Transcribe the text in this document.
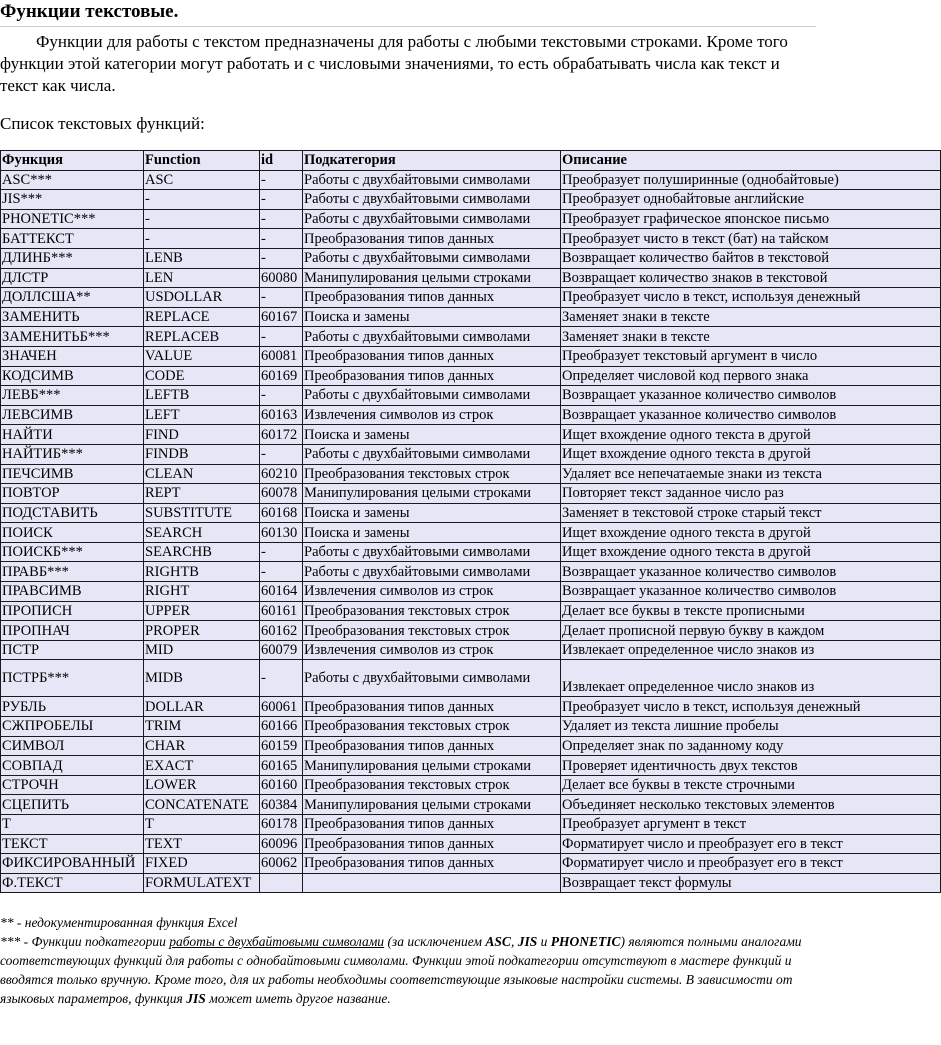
Функции текстовые.
Функции для работы с текстом предназначены для работы с любыми текстовыми строками. Кроме того функции этой категории могут работать и с числовыми значениями, то есть обрабатывать числа как текст и текст как числа.
Список текстовых функций:
Функция	Function	id	Подкатегория	Описание
ASC***	ASC	-	Работы с двухбайтовыми символами	Преобразует полуширинные (однобайтовые)
JIS***	-	-	Работы с двухбайтовыми символами	Преобразует однобайтовые английские
PHONETIC***	-	-	Работы с двухбайтовыми символами	Преобразует графическое японское письмо
БАТТЕКСТ	-	-	Преобразования типов данных	Преобразует чисто в текст (бат) на тайском
ДЛИНБ***	LENB	-	Работы с двухбайтовыми символами	Возвращает количество байтов в текстовой
ДЛСТР	LEN	60080	Манипулирования целыми строками	Возвращает количество знаков в текстовой
ДОЛЛСША**	USDOLLAR	-	Преобразования типов данных	Преобразует число в текст, используя денежный
ЗАМЕНИТЬ	REPLACE	60167	Поиска и замены	Заменяет знаки в тексте
ЗАМЕНИТЬБ***	REPLACEB	-	Работы с двухбайтовыми символами	Заменяет знаки в тексте
ЗНАЧЕН	VALUE	60081	Преобразования типов данных	Преобразует текстовый аргумент в число
КОДСИМВ	CODE	60169	Преобразования типов данных	Определяет числовой код первого знака
ЛЕВБ***	LEFTB	-	Работы с двухбайтовыми символами	Возвращает указанное количество символов
ЛЕВСИМВ	LEFT	60163	Извлечения символов из строк	Возвращает указанное количество символов
НАЙТИ	FIND	60172	Поиска и замены	Ищет вхождение одного текста в другой
НАЙТИБ***	FINDB	-	Работы с двухбайтовыми символами	Ищет вхождение одного текста в другой
ПЕЧСИМВ	CLEAN	60210	Преобразования текстовых строк	Удаляет все непечатаемые знаки из текста
ПОВТОР	REPT	60078	Манипулирования целыми строками	Повторяет текст заданное число раз
ПОДСТАВИТЬ	SUBSTITUTE	60168	Поиска и замены	Заменяет в текстовой строке старый текст
ПОИСК	SEARCH	60130	Поиска и замены	Ищет вхождение одного текста в другой
ПОИСКБ***	SEARCHB	-	Работы с двухбайтовыми символами	Ищет вхождение одного текста в другой
ПРАВБ***	RIGHTB	-	Работы с двухбайтовыми символами	Возвращает указанное количество символов
ПРАВСИМВ	RIGHT	60164	Извлечения символов из строк	Возвращает указанное количество символов
ПРОПИСН	UPPER	60161	Преобразования текстовых строк	Делает все буквы в тексте прописными
ПРОПНАЧ	PROPER	60162	Преобразования текстовых строк	Делает прописной первую букву в каждом
ПСТР	MID	60079	Извлечения символов из строк	Извлекает определенное число знаков из
ПСТРБ***	MIDB	-	Работы с двухбайтовыми символами	Извлекает определенное число знаков из
РУБЛЬ	DOLLAR	60061	Преобразования типов данных	Преобразует число в текст, используя денежный
СЖПРОБЕЛЫ	TRIM	60166	Преобразования текстовых строк	Удаляет из текста лишние пробелы
СИМВОЛ	CHAR	60159	Преобразования типов данных	Определяет знак по заданному коду
СОВПАД	EXACT	60165	Манипулирования целыми строками	Проверяет идентичность двух текстов
СТРОЧН	LOWER	60160	Преобразования текстовых строк	Делает все буквы в тексте строчными
СЦЕПИТЬ	CONCATENATE	60384	Манипулирования целыми строками	Объединяет несколько текстовых элементов
Т	T	60178	Преобразования типов данных	Преобразует аргумент в текст
ТЕКСТ	TEXT	60096	Преобразования типов данных	Форматирует число и преобразует его в текст
ФИКСИРОВАННЫЙ	FIXED	60062	Преобразования типов данных	Форматирует число и преобразует его в текст
Ф.ТЕКСТ	FORMULATEXT			Возвращает текст формулы
** - недокументированная функция Excel
*** - Функции подкатегории работы с двухбайтовыми символами (за исключением ASC, JIS и PHONETIC) являются полными аналогами соответствующих функций для работы с однобайтовыми символами. Функции этой подкатегории отсутствуют в мастере функций и вводятся только вручную. Кроме того, для их работы необходимы соответствующие языковые настройки системы. В зависимости от языковых параметров, функция JIS может иметь другое название.
